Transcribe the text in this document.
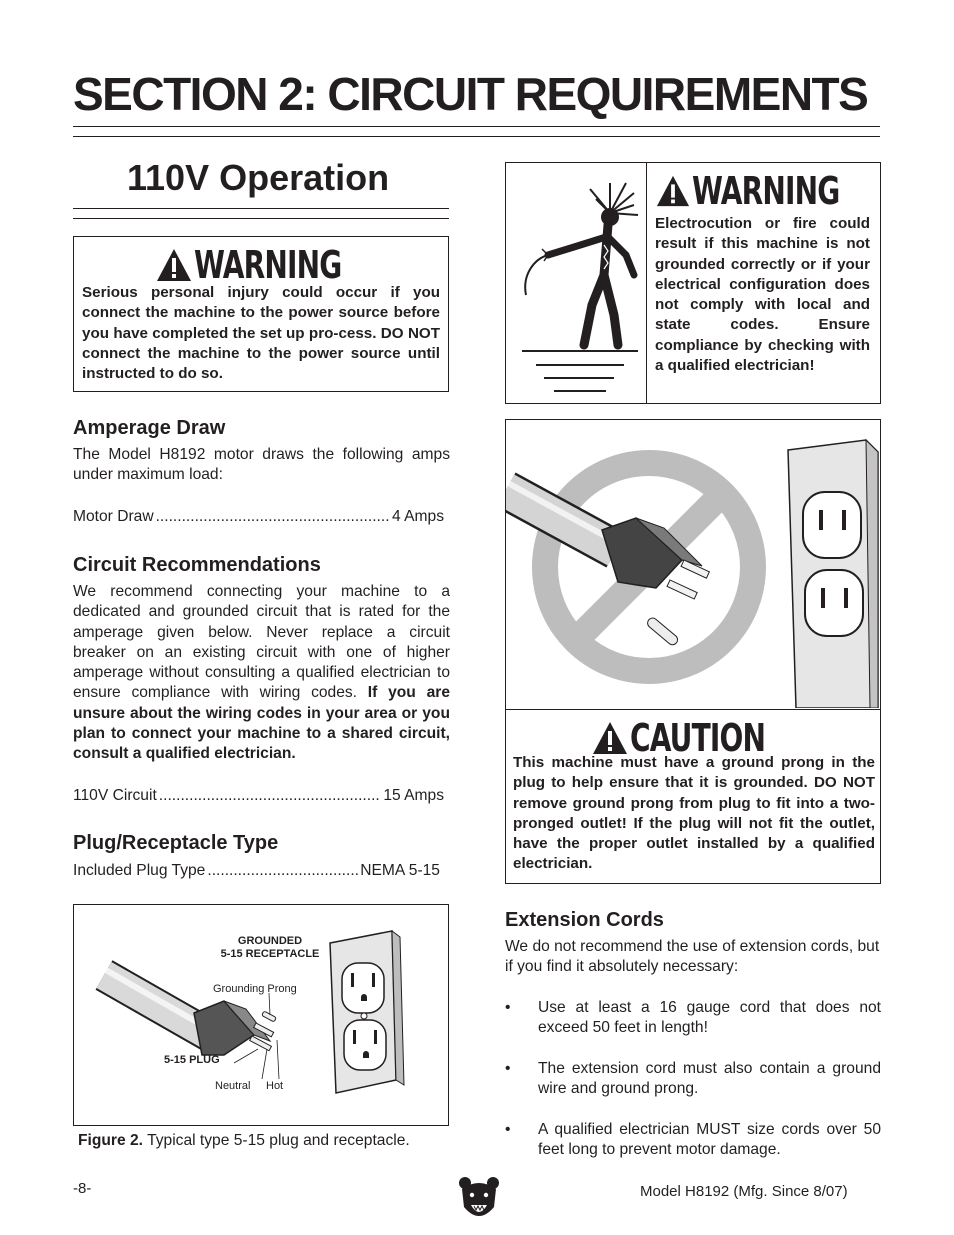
SECTION 2: CIRCUIT REQUIREMENTS
110V Operation
WARNING
Serious personal injury could occur if you connect the machine to the power source before you have completed the set up pro-cess. DO NOT connect the machine to the power source until instructed to do so.
Amperage Draw
The Model H8192 motor draws the following amps under maximum load:
Motor Draw .....	4 Amps
Circuit Recommendations
We recommend connecting your machine to a dedicated and grounded circuit that is rated for the amperage given below. Never replace a circuit breaker on an existing circuit with one of higher amperage without consulting a qualified electrician to ensure compliance with wiring codes. If you are unsure about the wiring codes in your area or you plan to connect your machine to a shared circuit, consult a qualified electrician.
110V Circuit .....	15 Amps
Plug/Receptacle Type
Included Plug Type .....	NEMA 5-15
GROUNDED
5-15 RECEPTACLE
Grounding Prong
5-15 PLUG
Neutral Hot
Figure 2. Typical type 5-15 plug and receptacle.
WARNING
Electrocution or fire could result if this machine is not grounded correctly or if your electrical configuration does not comply with local and state codes. Ensure compliance by checking with a qualified electrician!
CAUTION
This machine must have a ground prong in the plug to help ensure that it is grounded. DO NOT remove ground prong from plug to fit into a two-pronged outlet! If the plug will not fit the outlet, have the proper outlet installed by a qualified electrician.
Extension Cords
We do not recommend the use of extension cords, but if you find it absolutely necessary:
• Use at least a 16 gauge cord that does not exceed 50 feet in length!
• The extension cord must also contain a ground wire and ground prong.
• A qualified electrician MUST size cords over 50 feet long to prevent motor damage.
-8-	Model H8192 (Mfg. Since 8/07)
